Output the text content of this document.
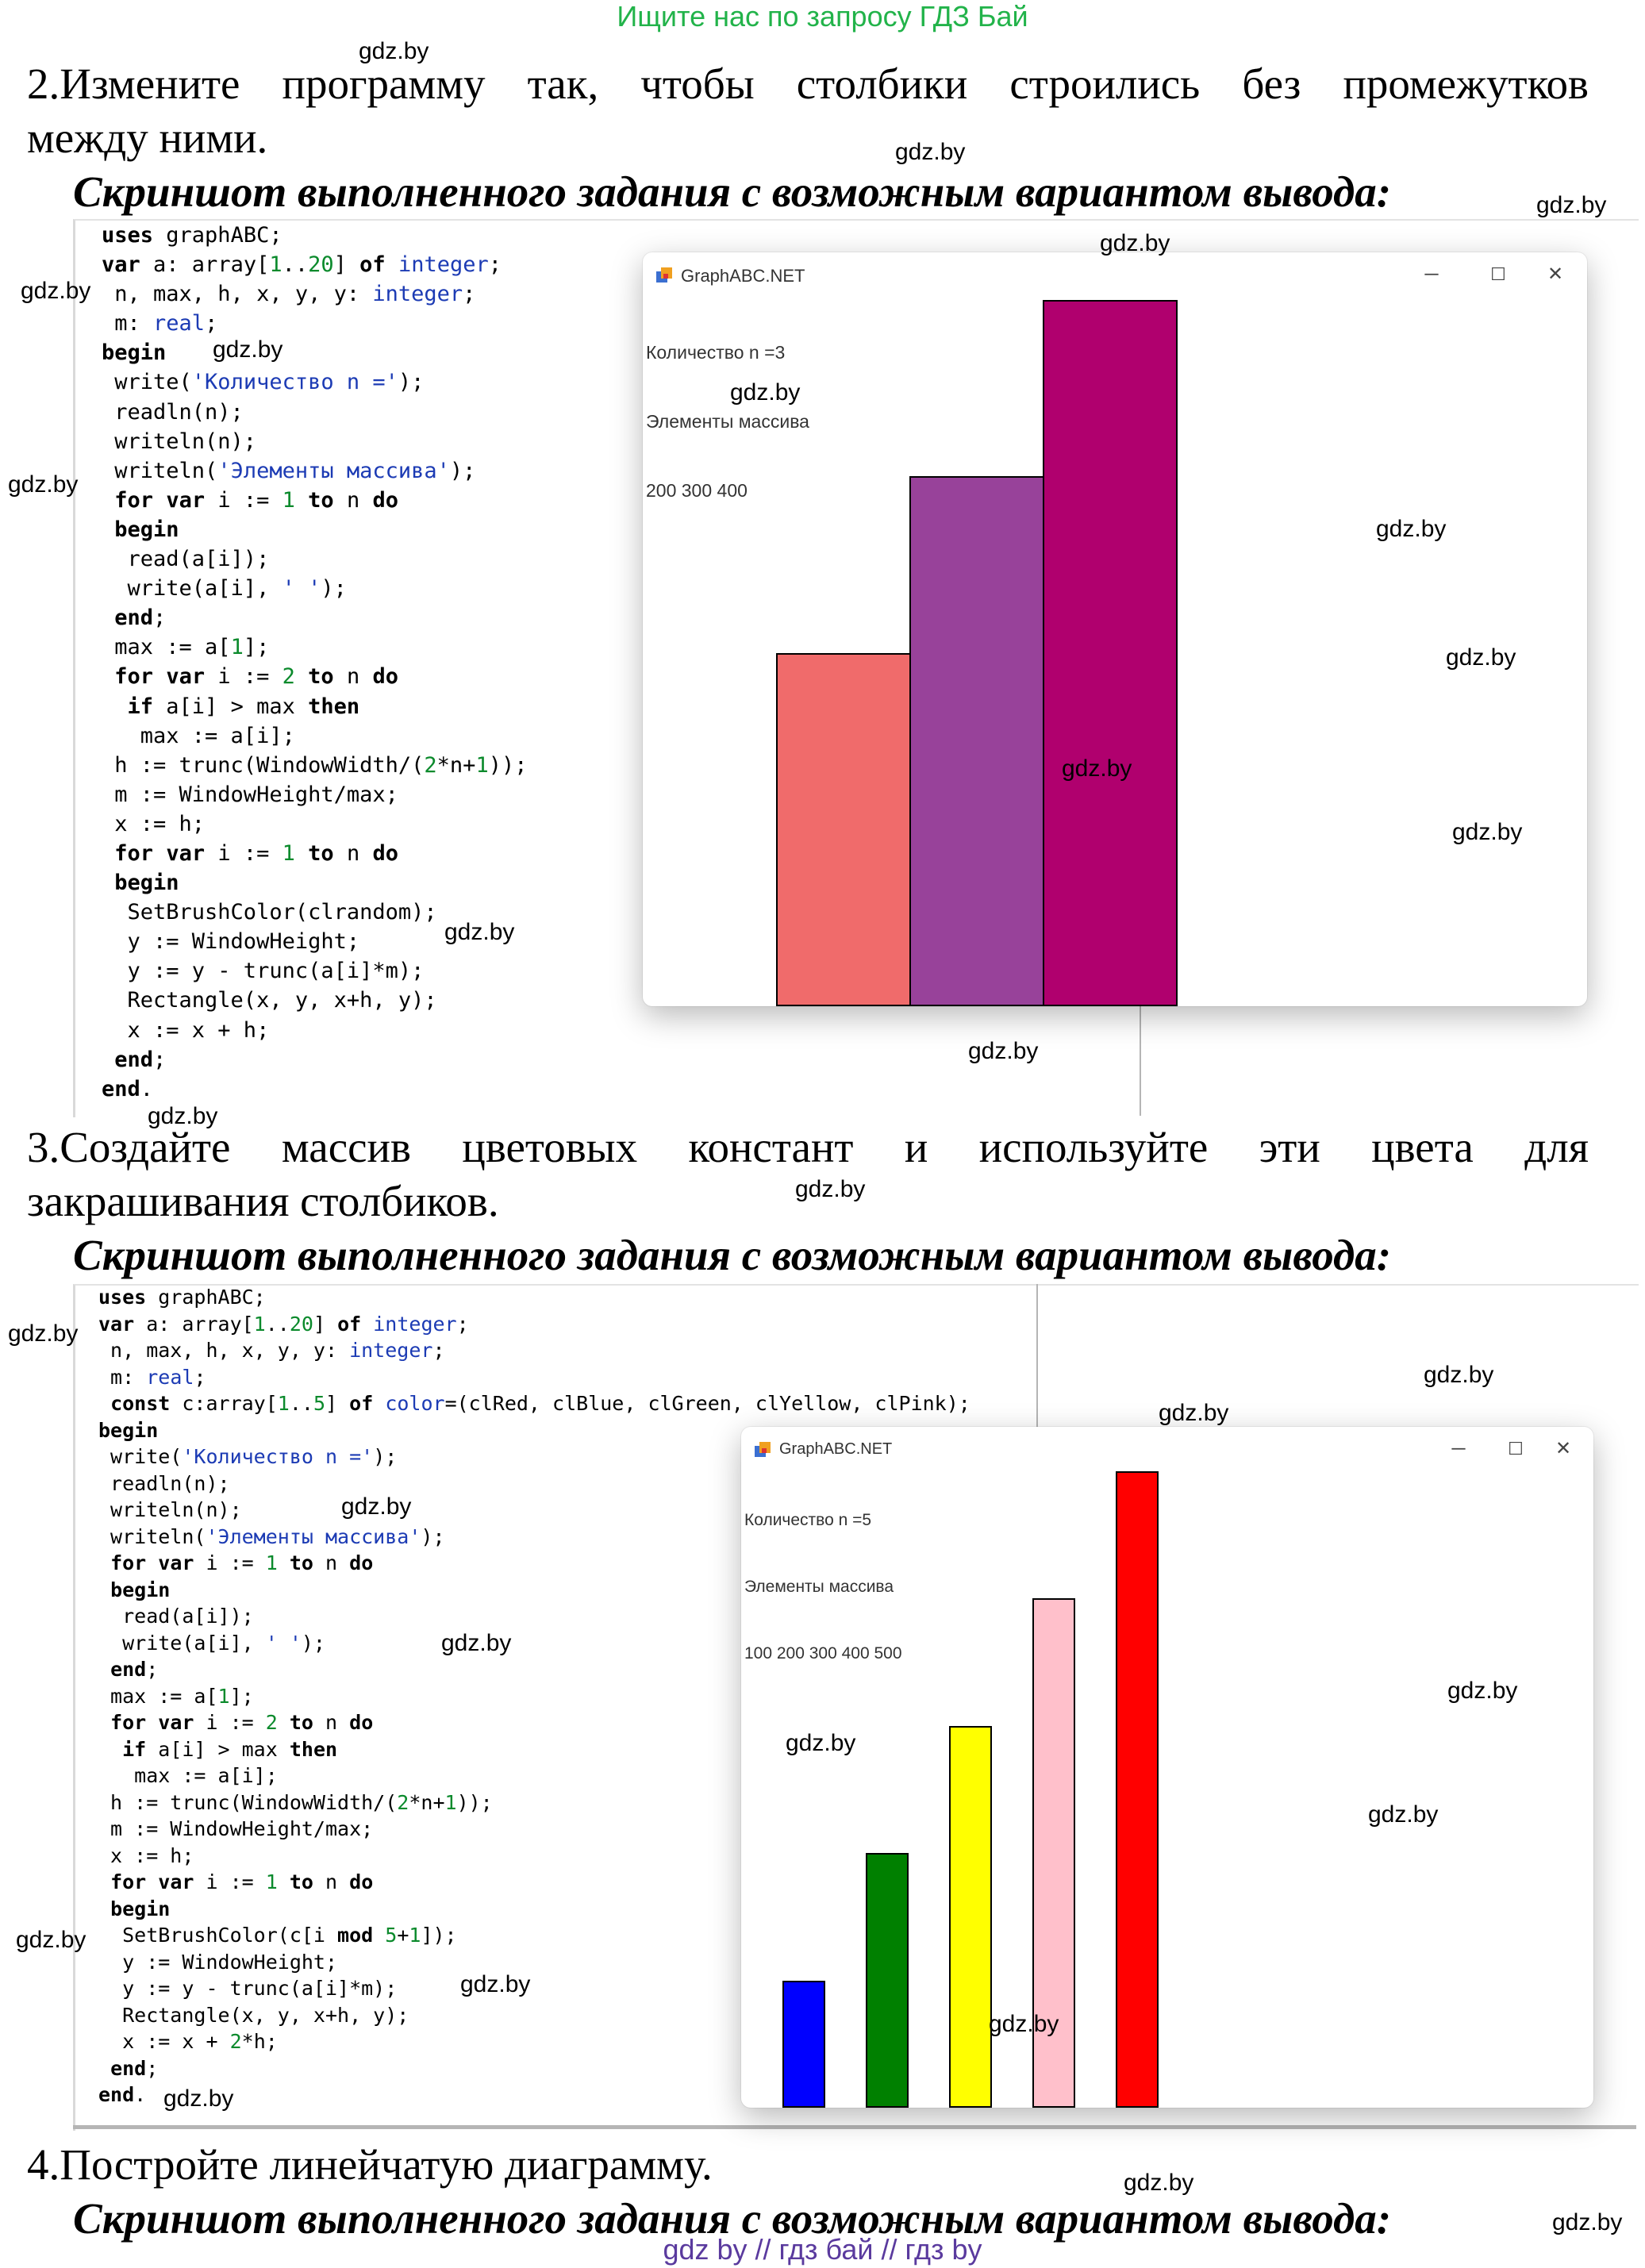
Ищите нас по запросу ГДЗ Бай
2.Измените программу так, чтобы столбики строились без промежутков
между ними.
Скриншот выполненного задания с возможным вариантом вывода:
uses graphABC;
var a: array[1..20] of integer;
n, max, h, x, y, y: integer;
m: real;
begin
write('Количество n =');
readln(n);
writeln(n);
writeln('Элементы массива');
for var i := 1 to n do
begin
read(a[i]);
write(a[i], ' ');
end;
max := a[1];
for var i := 2 to n do
if a[i] > max then
max := a[i];
h := trunc(WindowWidth/(2*n+1));
m := WindowHeight/max;
x := h;
for var i := 1 to n do
begin
SetBrushColor(clrandom);
y := WindowHeight;
y := y - trunc(a[i]*m);
Rectangle(x, y, x+h, y);
x := x + h;
end;
end.
GraphABC.NET	─	☐	✕

Количество n =3

Элементы массива

200 300 400

gdz.by
gdz.by
gdz.by
gdz.by
gdz.by
gdz.by
gdz.by
gdz.by
gdz.by
gdz.by
gdz.by
gdz.by
gdz.by
gdz.by
gdz.by
3.Создайте массив цветовых констант и используйте эти цвета для
закрашивания столбиков.	gdz.by
Скриншот выполненного задания с возможным вариантом вывода:
uses graphABC;
var a: array[1..20] of integer;
n, max, h, x, y, y: integer;
m: real;
const c:array[1..5] of color=(clRed, clBlue, clGreen, clYellow, clPink);
begin
write('Количество n =');
readln(n);
writeln(n);
writeln('Элементы массива');
for var i := 1 to n do
begin
read(a[i]);
write(a[i], ' ');
end;
max := a[1];
for var i := 2 to n do
if a[i] > max then
max := a[i];
h := trunc(WindowWidth/(2*n+1));
m := WindowHeight/max;
x := h;
for var i := 1 to n do
begin
SetBrushColor(c[i mod 5+1]);
y := WindowHeight;
y := y - trunc(a[i]*m);
Rectangle(x, y, x+h, y);
x := x + 2*h;
end;
end.
GraphABC.NET	─	☐	✕

Количество n =5

Элементы массива

100 200 300 400 500

gdz.by
gdz.by
gdz.by
gdz.by
gdz.by
gdz.by
gdz.by
gdz.by
gdz.by
gdz.by
gdz.by
gdz.by
4.Постройте линейчатую диаграмму.	gdz.by
Скриншот выполненного задания с возможным вариантом вывода:	gdz.by
gdz by // гдз бай // гдз by
